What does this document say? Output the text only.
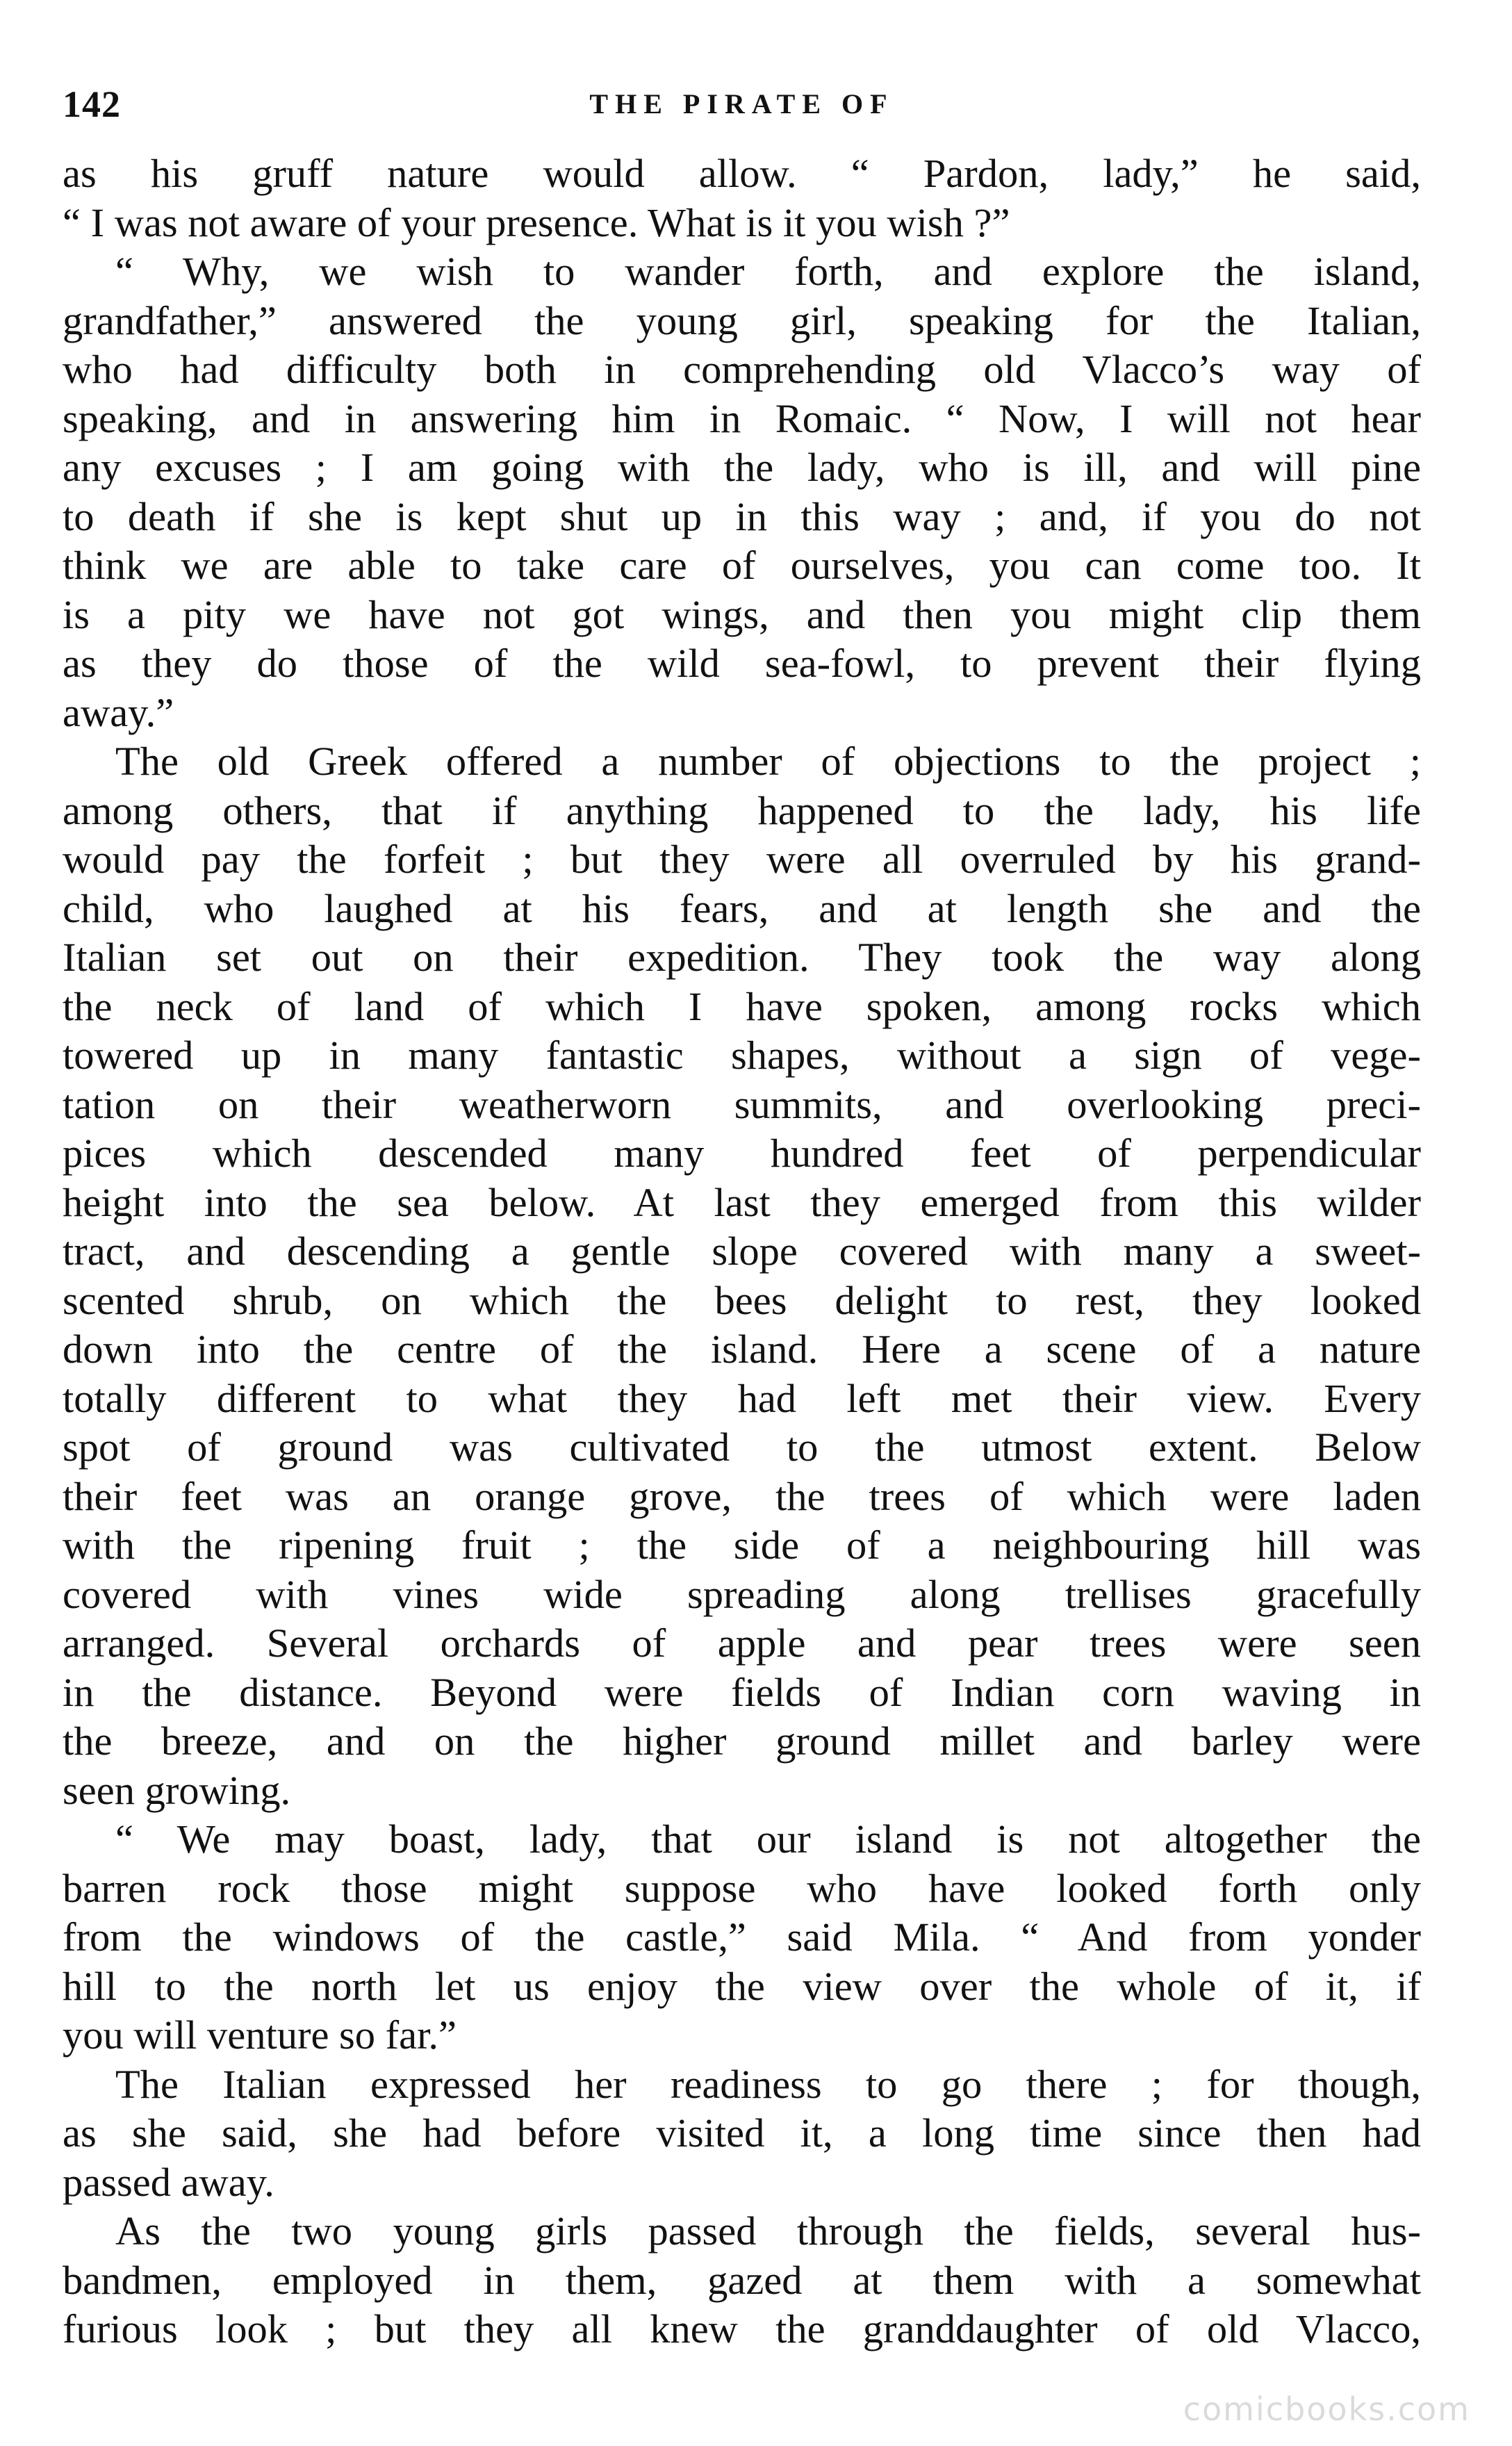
142	THE PIRATE OF
as his gruff nature would allow. “ Pardon, lady,” he said,
“ I was not aware of your presence. What is it you wish ?”
“ Why, we wish to wander forth, and explore the island,
grandfather,” answered the young girl, speaking for the Italian,
who had difficulty both in comprehending old Vlacco’s way of
speaking, and in answering him in Romaic. “ Now, I will not hear
any excuses ; I am going with the lady, who is ill, and will pine
to death if she is kept shut up in this way ; and, if you do not
think we are able to take care of ourselves, you can come too. It
is a pity we have not got wings, and then you might clip them
as they do those of the wild sea-fowl, to prevent their flying
away.”
The old Greek offered a number of objections to the project ;
among others, that if anything happened to the lady, his life
would pay the forfeit ; but they were all overruled by his grand-
child, who laughed at his fears, and at length she and the
Italian set out on their expedition. They took the way along
the neck of land of which I have spoken, among rocks which
towered up in many fantastic shapes, without a sign of vege-
tation on their weatherworn summits, and overlooking preci-
pices which descended many hundred feet of perpendicular
height into the sea below. At last they emerged from this wilder
tract, and descending a gentle slope covered with many a sweet-
scented shrub, on which the bees delight to rest, they looked
down into the centre of the island. Here a scene of a nature
totally different to what they had left met their view. Every
spot of ground was cultivated to the utmost extent. Below
their feet was an orange grove, the trees of which were laden
with the ripening fruit ; the side of a neighbouring hill was
covered with vines wide spreading along trellises gracefully
arranged. Several orchards of apple and pear trees were seen
in the distance. Beyond were fields of Indian corn waving in
the breeze, and on the higher ground millet and barley were
seen growing.
“ We may boast, lady, that our island is not altogether the
barren rock those might suppose who have looked forth only
from the windows of the castle,” said Mila. “ And from yonder
hill to the north let us enjoy the view over the whole of it, if
you will venture so far.”
The Italian expressed her readiness to go there ; for though,
as she said, she had before visited it, a long time since then had
passed away.
As the two young girls passed through the fields, several hus-
bandmen, employed in them, gazed at them with a somewhat
furious look ; but they all knew the granddaughter of old Vlacco,
comicbooks.com
